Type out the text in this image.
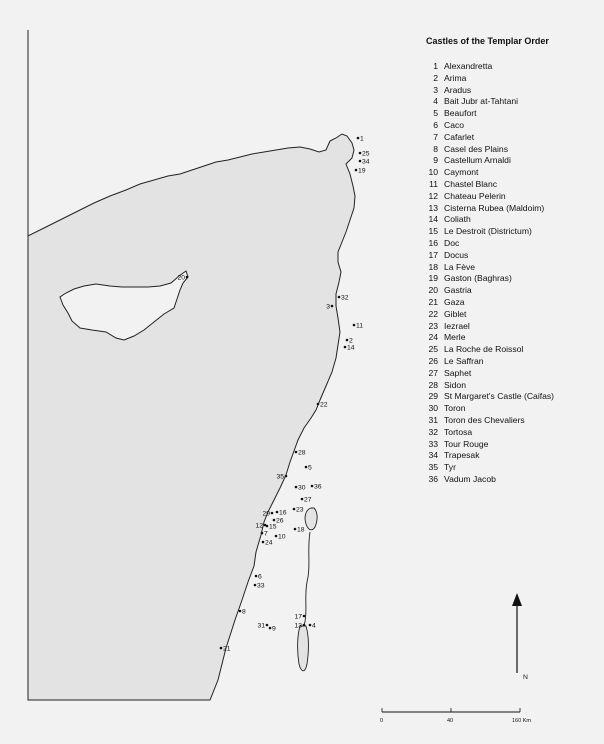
1
25
34
19
20
32
3
11
2
14
22
28
5
35
36
30
27
23
16
29
26
12 15
7
24
10
18
6
33
8
17
31 9	13 4
21
N
0	40	160 Km
Castles of the Templar Order
1 Alexandretta
2 Arima
3 Aradus
4 Bait Jubr at-Tahtani
5 Beaufort
6 Caco
7 Cafarlet
8 Casel des Plains
9 Castellum Arnaldi
10 Caymont
11 Chastel Blanc
12 Chateau Pelerin
13 Cisterna Rubea (Maldoim)
14 Coliath
15 Le Destroit (Districtum)
16 Doc
17 Docus
18 La Fève
19 Gaston (Baghras)
20 Gastria
21 Gaza
22 Giblet
23 Iezrael
24 Merle
25 La Roche de Roissol
26 Le Saffran
27 Saphet
28 Sidon
29 St Margaret's Castle (Caifas)
30 Toron
31 Toron des Chevaliers
32 Tortosa
33 Tour Rouge
34 Trapesak
35 Tyr
36 Vadum Jacob
